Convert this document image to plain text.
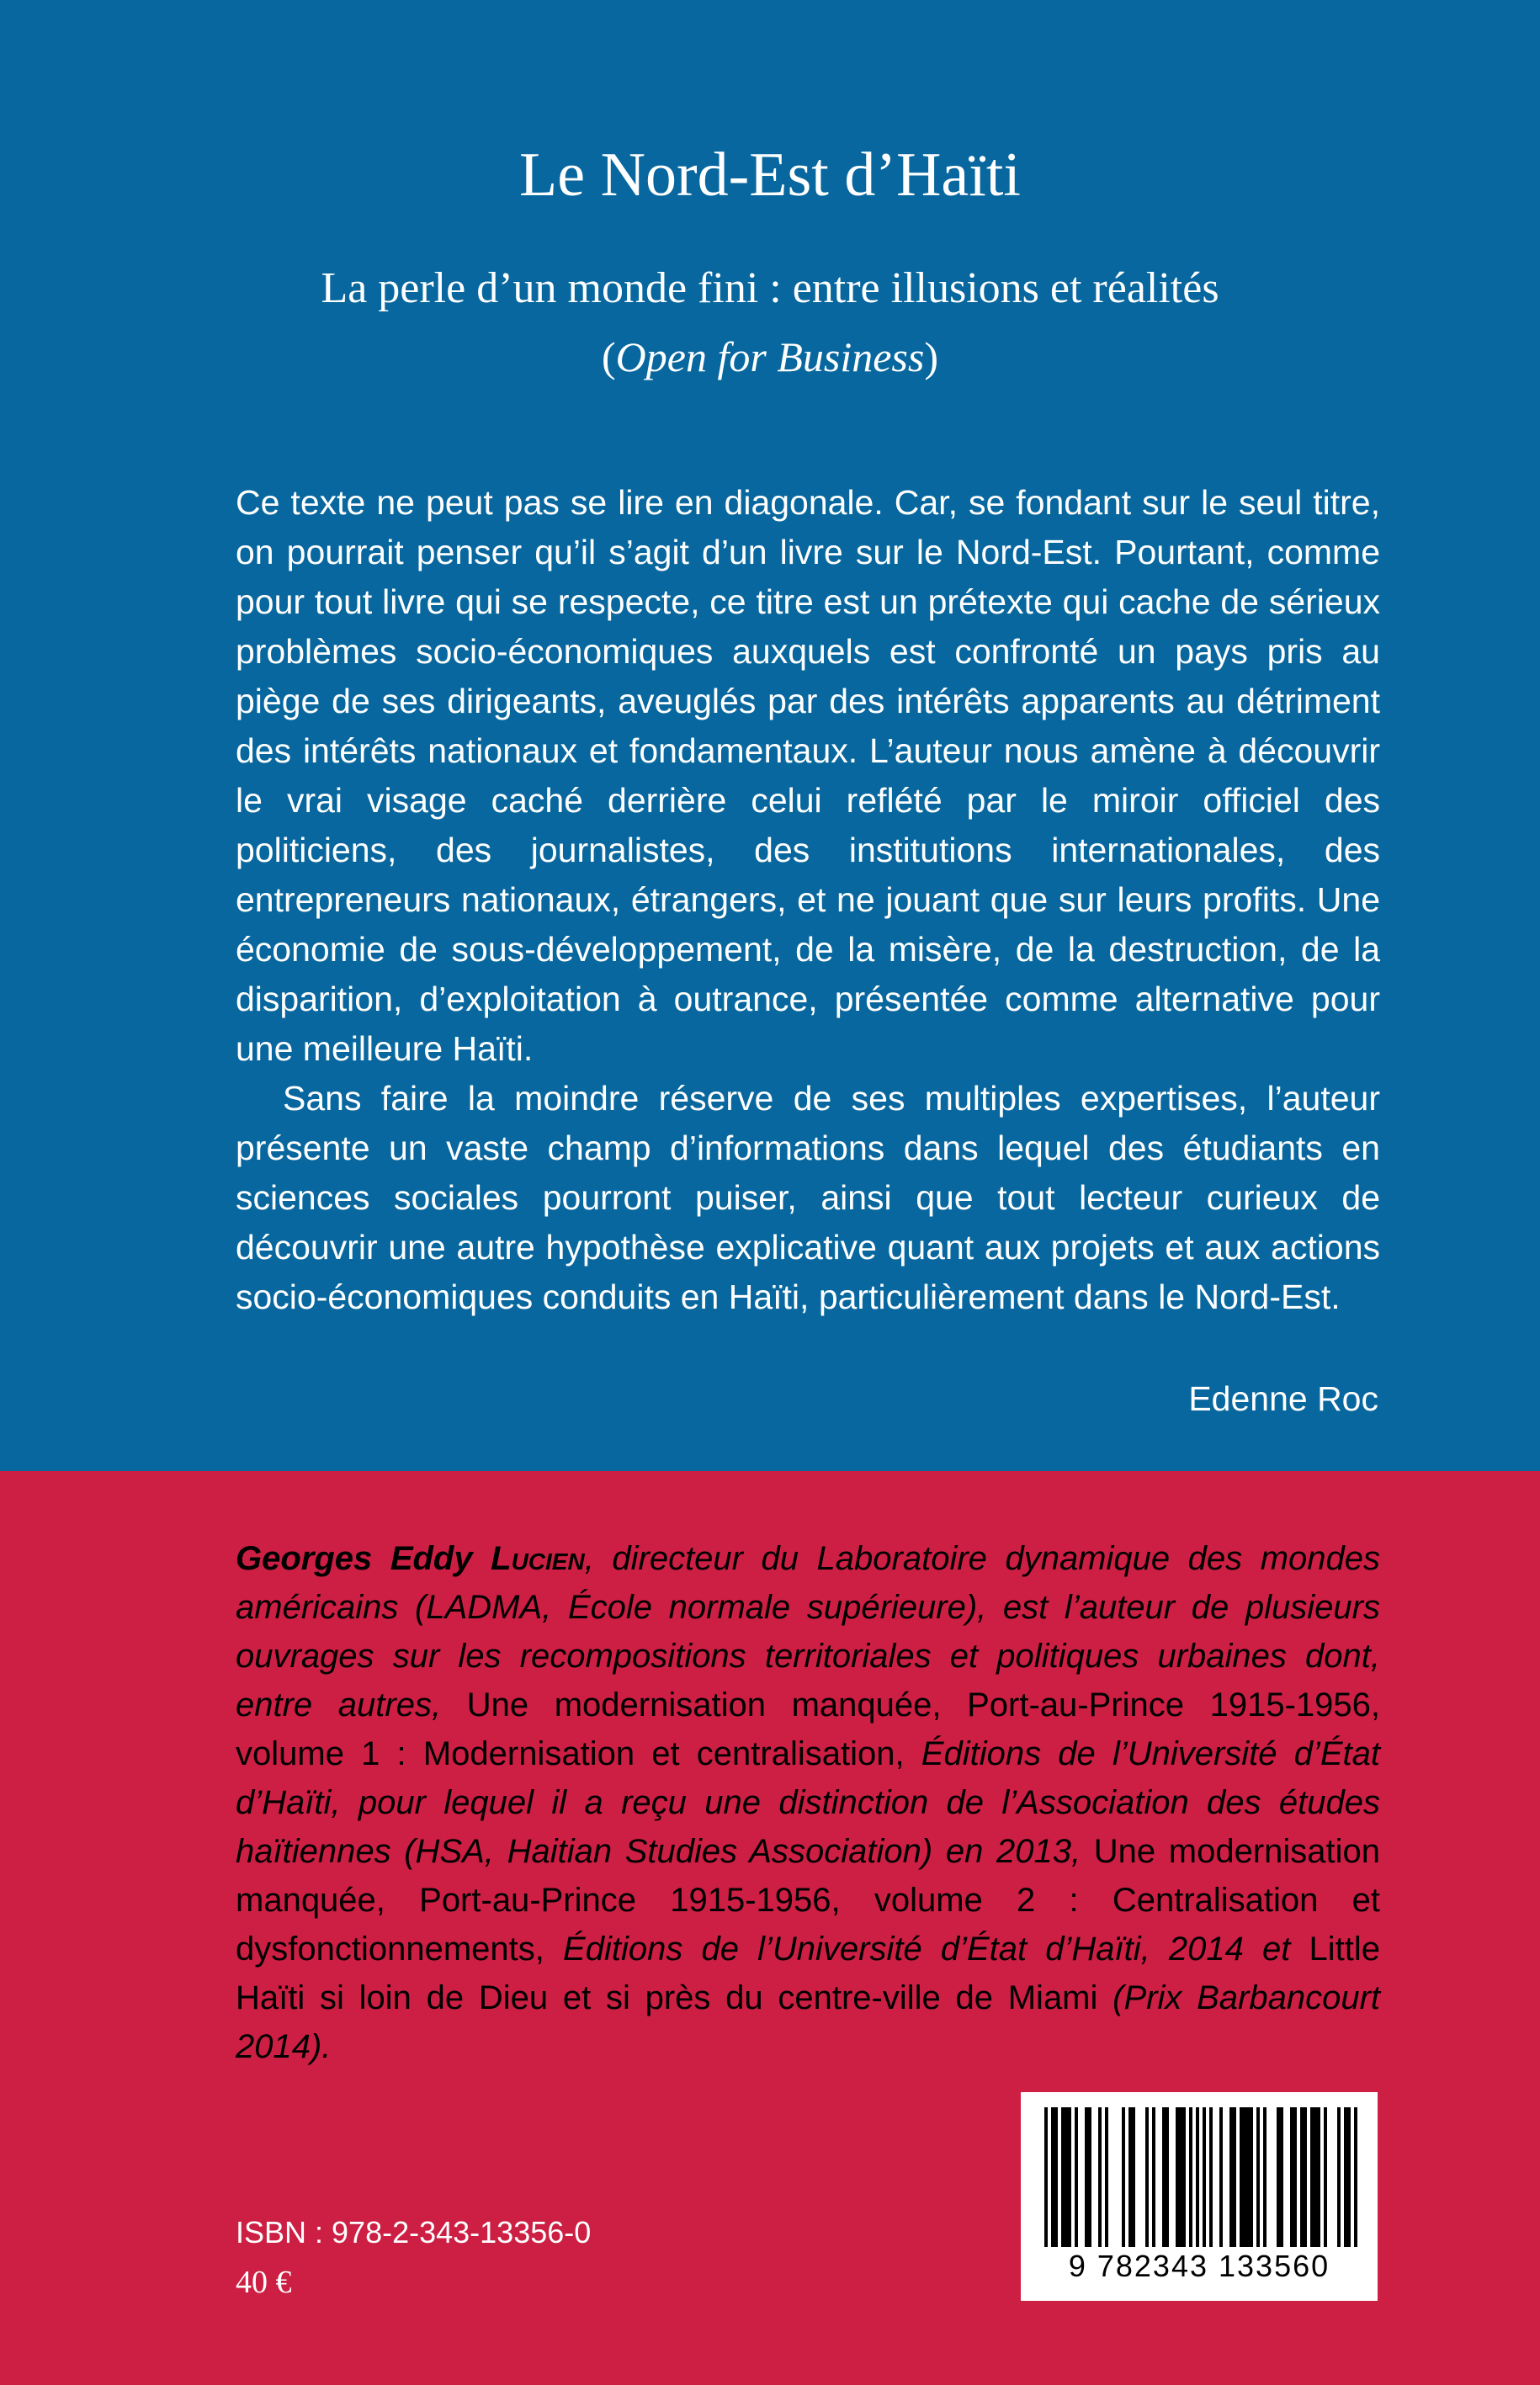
Le Nord-Est d’Haïti
La perle d’un monde fini : entre illusions et réalités
(Open for Business)

Ce texte ne peut pas se lire en diagonale. Car, se fondant sur le seul titre, on pourrait penser qu’il s’agit d’un livre sur le Nord-Est. Pourtant, comme pour tout livre qui se respecte, ce titre est un prétexte qui cache de sérieux problèmes socio-économiques auxquels est confronté un pays pris au piège de ses dirigeants, aveuglés par des intérêts apparents au détriment des intérêts nationaux et fondamentaux. L’auteur nous amène à découvrir le vrai visage caché derrière celui reflété par le miroir officiel des politiciens, des journalistes, des institutions internationales, des entrepreneurs nationaux, étrangers, et ne jouant que sur leurs profits. Une économie de sous-développement, de la misère, de la destruction, de la disparition, d’exploitation à outrance, présentée comme alternative pour une meilleure Haïti.

Sans faire la moindre réserve de ses multiples expertises, l’auteur présente un vaste champ d’informations dans lequel des étudiants en sciences sociales pourront puiser, ainsi que tout lecteur curieux de découvrir une autre hypothèse explicative quant aux projets et aux actions socio-économiques conduits en Haïti, particulièrement dans le Nord-Est.

Edenne Roc
Georges Eddy Lucien, directeur du Laboratoire dynamique des mondes américains (LADMA, École normale supérieure), est l’auteur de plusieurs ouvrages sur les recompositions territoriales et politiques urbaines dont, entre autres, Une modernisation manquée, Port-au-Prince 1915-1956, volume 1 : Modernisation et centralisation, Éditions de l’Université d’État d’Haïti, pour lequel il a reçu une distinction de l’Association des études haïtiennes (HSA, Haitian Studies Association) en 2013, Une modernisation manquée, Port-au-Prince 1915-1956, volume 2 : Centralisation et dysfonctionnements, Éditions de l’Université d’État d’Haïti, 2014 et Little Haïti si loin de Dieu et si près du centre-ville de Miami (Prix Barbancourt 2014).
9 782343 133560
ISBN : 978-2-343-13356-0
40 €
